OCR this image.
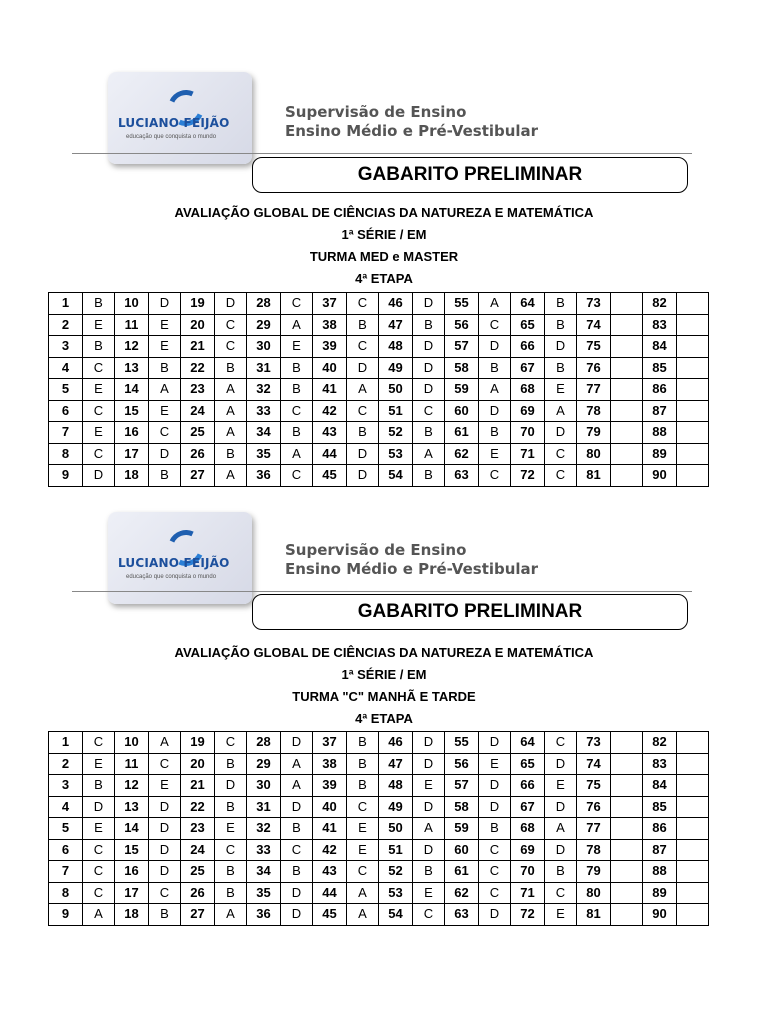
LUCIANO FEIJÃO
educação que conquista o mundo
Supervisão de Ensino
Ensino Médio e Pré-Vestibular
GABARITO PRELIMINAR
AVALIAÇÃO GLOBAL DE CIÊNCIAS DA NATUREZA E MATEMÁTICA
1ª SÉRIE / EM
TURMA MED e MASTER
4ª ETAPA
1	B	10	D	19	D	28	C	37	C	46	D	55	A	64	B	73		82	
2	E	11	E	20	C	29	A	38	B	47	B	56	C	65	B	74		83	
3	B	12	E	21	C	30	E	39	C	48	D	57	D	66	D	75		84	
4	C	13	B	22	B	31	B	40	D	49	D	58	B	67	B	76		85	
5	E	14	A	23	A	32	B	41	A	50	D	59	A	68	E	77		86	
6	C	15	E	24	A	33	C	42	C	51	C	60	D	69	A	78		87	
7	E	16	C	25	A	34	B	43	B	52	B	61	B	70	D	79		88	
8	C	17	D	26	B	35	A	44	D	53	A	62	E	71	C	80		89	
9	D	18	B	27	A	36	C	45	D	54	B	63	C	72	C	81		90	
LUCIANO FEIJÃO
educação que conquista o mundo
Supervisão de Ensino
Ensino Médio e Pré-Vestibular
GABARITO PRELIMINAR
AVALIAÇÃO GLOBAL DE CIÊNCIAS DA NATUREZA E MATEMÁTICA
1ª SÉRIE / EM
TURMA "C" MANHÃ E TARDE
4ª ETAPA
1	C	10	A	19	C	28	D	37	B	46	D	55	D	64	C	73		82	
2	E	11	C	20	B	29	A	38	B	47	D	56	E	65	D	74		83	
3	B	12	E	21	D	30	A	39	B	48	E	57	D	66	E	75		84	
4	D	13	D	22	B	31	D	40	C	49	D	58	D	67	D	76		85	
5	E	14	D	23	E	32	B	41	E	50	A	59	B	68	A	77		86	
6	C	15	D	24	C	33	C	42	E	51	D	60	C	69	D	78		87	
7	C	16	D	25	B	34	B	43	C	52	B	61	C	70	B	79		88	
8	C	17	C	26	B	35	D	44	A	53	E	62	C	71	C	80		89	
9	A	18	B	27	A	36	D	45	A	54	C	63	D	72	E	81		90	
